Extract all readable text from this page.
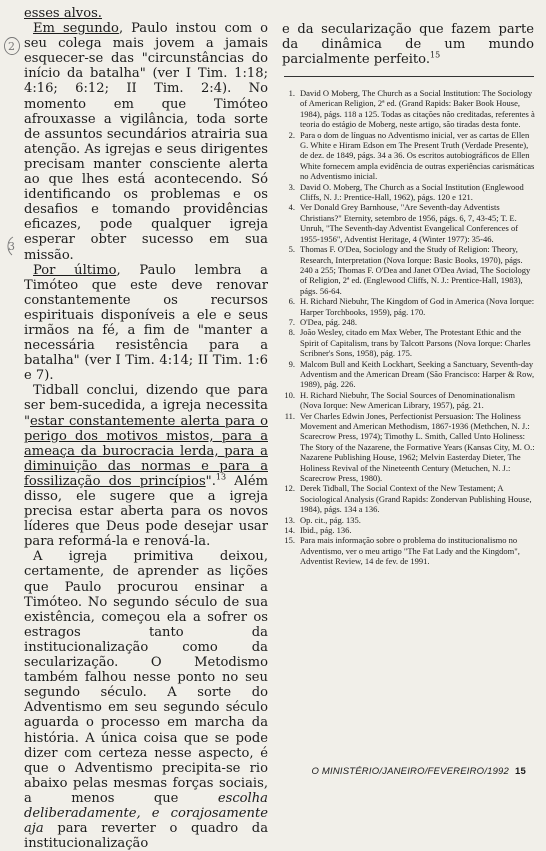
2
3

esses alvos.

Em segundo, Paulo instou com o seu colega mais jovem a jamais esquecer-se das "circunstâncias do início da batalha" (ver I Tim. 1:18; 4:16; 6:12; II Tim. 2:4). No momento em que Timóteo afrouxasse a vigilância, toda sorte de assuntos secundários atrairia sua atenção. As igrejas e seus dirigentes precisam manter consciente alerta ao que lhes está acontecendo. Só identificando os problemas e os desafios e tomando providências eficazes, pode qualquer igreja esperar obter sucesso em sua missão.

Por último, Paulo lembra a Timóteo que este deve renovar constantemente os recursos espirituais disponíveis a ele e seus irmãos na fé, a fim de "manter a necessária resistência para a batalha" (ver I Tim. 4:14; II Tim. 1:6 e 7).

Tidball conclui, dizendo que para ser bem-sucedida, a igreja necessita "estar constantemente alerta para o perigo dos motivos mistos, para a ameaça da burocracia lerda, para a diminuição das normas e para a fossilização dos princípios".$^{13}$ Além disso, ele sugere que a igreja precisa estar aberta para os novos líderes que Deus pode desejar usar para reformá-la e renová-la.

A igreja primitiva deixou, certamente, de aprender as lições que Paulo procurou ensinar a Timóteo. No segundo século de sua existência, começou ela a sofrer os estragos tanto da institucionalização como da secularização. O Metodismo também falhou nesse ponto no seu segundo século. A sorte do Adventismo em seu segundo século aguarda o processo em marcha da história. A única coisa que se pode dizer com certeza nesse aspecto, é que o Adventismo precipita-se rio abaixo pelas mesmas forças sociais, a menos que escolha deliberadamente, e corajosamente aja para reverter o quadro da institucionalização

e da secularização que fazem parte da dinâmica de um mundo parcialmente perfeito.$^{15}$
1. David O Moberg, The Church as a Social Institution: The Sociology of American Religion, 2ª ed. (Grand Rapids: Baker Book House, 1984), págs. 118 a 125. Todas as citações não creditadas, referentes à teoria do estágio de Moberg, neste artigo, são tiradas desta fonte.
2. Para o dom de línguas no Adventismo inicial, ver as cartas de Ellen G. White e Hiram Edson em The Present Truth (Verdade Presente), de dez. de 1849, págs. 34 a 36. Os escritos autobiográficos de Ellen White fornecem ampla evidência de outras experiências carismáticas no Adventismo inicial.
3. David O. Moberg, The Church as a Social Institution (Englewood Cliffs, N. J.: Prentice-Hall, 1962), págs. 120 e 121.
4. Ver Donald Grey Barnhouse, "Are Seventh-day Adventists Christians?" Eternity, setembro de 1956, págs. 6, 7, 43-45; T. E. Unruh, "The Seventh-day Adventist Evangelical Conferences of 1955-1956", Adventist Heritage, 4 (Winter 1977): 35-46.
5. Thomas F. O'Dea, Sociology and the Study of Religion: Theory, Research, Interpretation (Nova Iorque: Basic Books, 1970), págs. 240 a 255; Thomas F. O'Dea and Janet O'Dea Aviad, The Sociology of Religion, 2ª ed. (Englewood Cliffs, N. J.: Prentice-Hall, 1983), págs. 56-64.
6. H. Richard Niebuhr, The Kingdom of God in America (Nova Iorque: Harper Torchbooks, 1959), pág. 170.
7. O'Dea, pág. 248.
8. João Wesley, citado em Max Weber, The Protestant Ethic and the Spirit of Capitalism, trans by Talcott Parsons (Nova Iorque: Charles Scribner's Sons, 1958), pág. 175.
9. Malcom Bull and Keith Lockhart, Seeking a Sanctuary, Seventh-day Adventism and the American Dream (São Francisco: Harper & Row, 1989), pág. 226.
10. H. Richard Niebuhr, The Social Sources of Denominationalism (Nova Iorque: New American Library, 1957), pág. 21.
11. Ver Charles Edwin Jones, Perfectionist Persuasion: The Holiness Movement and American Methodism, 1867-1936 (Methchen, N. J.: Scarecrow Press, 1974); Timothy L. Smith, Called Unto Holiness: The Story of the Nazarene, the Formative Years (Kansas City, M. O.: Nazarene Publishing House, 1962; Melvin Easterday Dieter, The Holiness Revival of the Nineteenth Century (Metuchen, N. J.: Scarecrow Press, 1980).
12. Derek Tidball, The Social Context of the New Testament; A Sociological Analysis (Grand Rapids: Zondervan Publishing House, 1984), págs. 134 a 136.
13. Op. cit., pág. 135.
14. Ibid., pág. 136.
15. Para mais informação sobre o problema do institucionalismo no Adventismo, ver o meu artigo "The Fat Lady and the Kingdom", Adventist Review, 14 de fev. de 1991.
O MINISTÉRIO/JANEIRO/FEVEREIRO/1992 15
